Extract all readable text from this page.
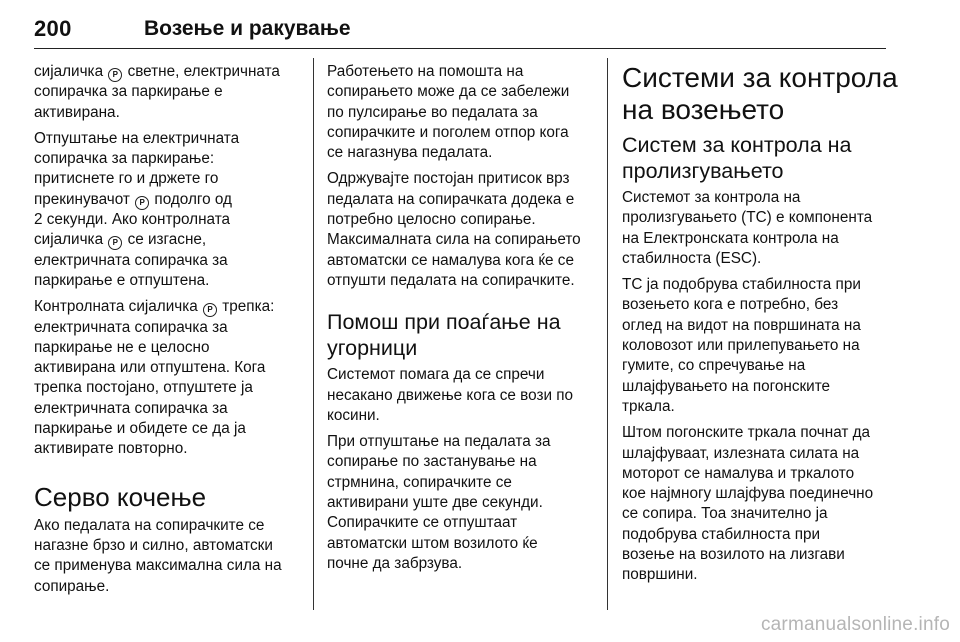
200	Возење и ракување

сијаличка P светне, електричната
сопирачка за паркирање е
активирана.

Отпуштање на електричната
сопирачка за паркирање:
притиснете го и држете го
прекинувачот P подолго од
2 секунди. Ако контролната
сијаличка P се изгасне,
електричната сопирачка за
паркирање е отпуштена.

Контролната сијаличка P трепка:
електричната сопирачка за
паркирање не е целосно
активирана или отпуштена. Кога
трепка постојано, отпуштете ја
електричната сопирачка за
паркирање и обидете се да ја
активирате повторно.

Серво кочење

Ако педалата на сопирачките се
нагазне брзо и силно, автоматски
се применува максимална сила на
сопирање.

Работењето на помошта на
сопирањето може да се забележи
по пулсирање во педалата за
сопирачките и поголем отпор кога
се нагазнува педалата.

Одржувајте постојан притисок врз
педалата на сопирачката додека е
потребно целосно сопирање.
Максималната сила на сопирањето
автоматски се намалува кога ќе се
отпушти педалата на сопирачките.

Помош при поаѓање на
угорници

Системот помага да се спречи
несакано движење кога се вози по
косини.

При отпуштање на педалата за
сопирање по застанување на
стрмнина, сопирачките се
активирани уште две секунди.
Сопирачките се отпуштаат
автоматски штом возилото ќе
почне да забрзува.

Системи за контрола
на возењето
Систем за контрола на
пролизгувањето

Системот за контрола на
пролизгувањето (TC) е компонента
на Електронската контрола на
стабилноста (ESC).

TC ја подобрува стабилноста при
возењето кога е потребно, без
оглед на видот на површината на
коловозот или прилепувањето на
гумите, со спречување на
шлајфувањето на погонските
тркала.

Штом погонските тркала почнат да
шлајфуваат, излезната силата на
моторот се намалува и тркалото
кое најмногу шлајфува поединечно
се сопира. Тоа значително ја
подобрува стабилноста при
возење на возилото на лизгави
површини.

carmanualsonline.info
